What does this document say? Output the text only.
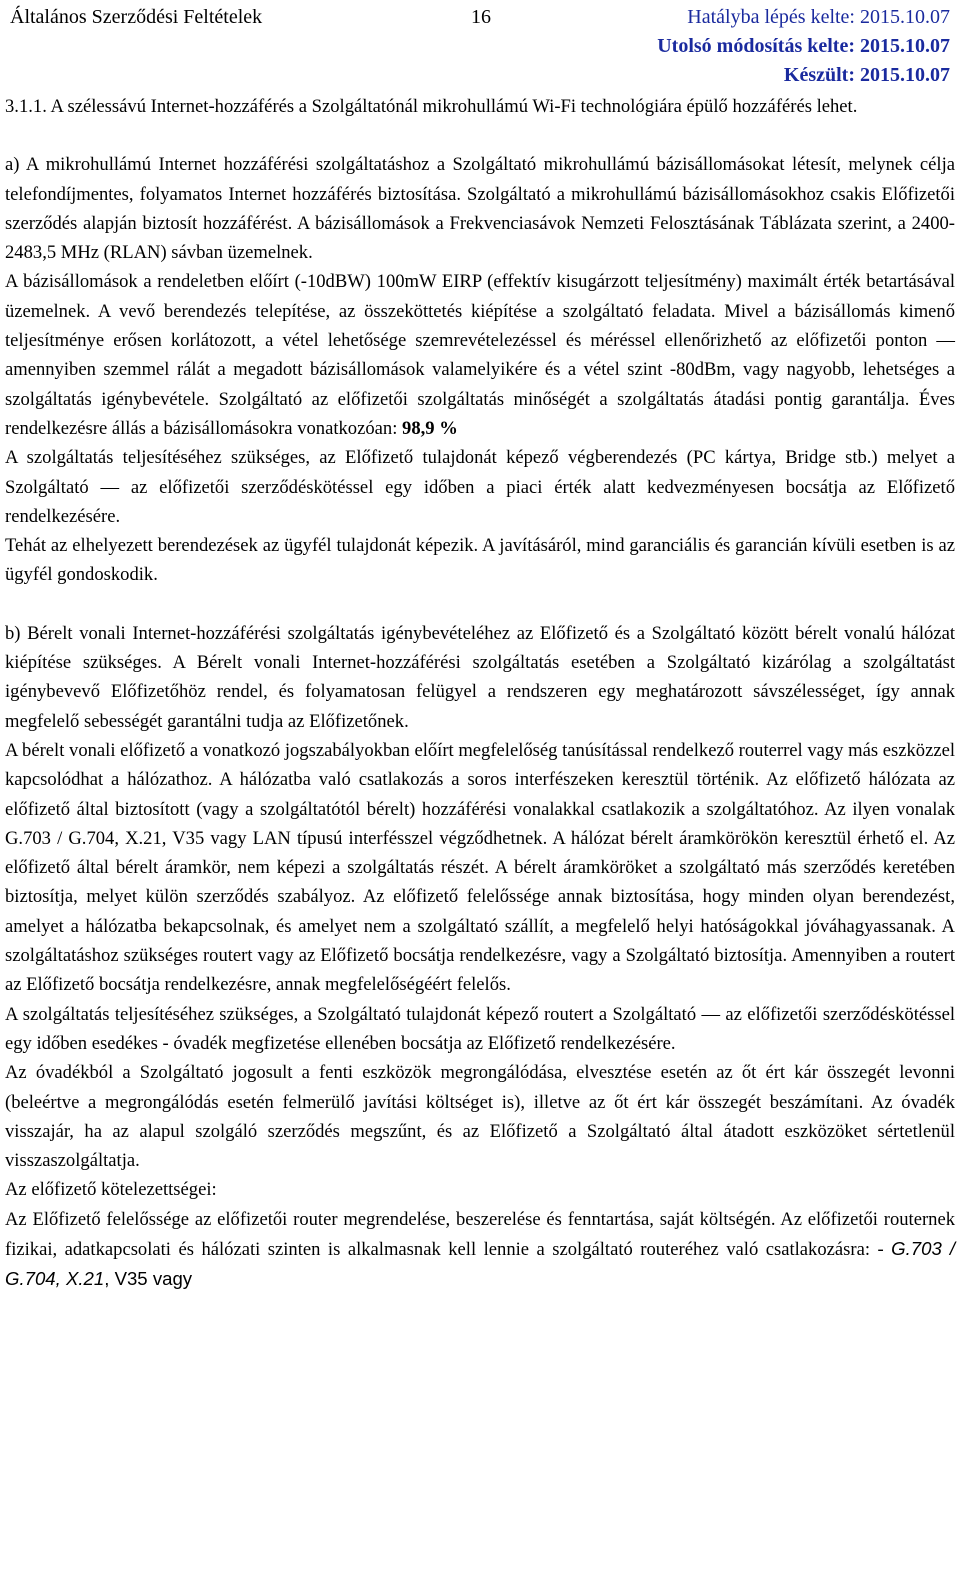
Általános Szerződési Feltételek	16	Hatályba lépés kelte: 2015.10.07
Utolsó módosítás kelte: 2015.10.07
Készült: 2015.10.07

3.1.1. A szélessávú Internet-hozzáférés a Szolgáltatónál mikrohullámú Wi-Fi technológiára épülő hozzáférés lehet.

a) A mikrohullámú Internet hozzáférési szolgáltatáshoz a Szolgáltató mikrohullámú bázisállomásokat létesít, melynek célja telefondíjmentes, folyamatos Internet hozzáférés biztosítása. Szolgáltató a mikrohullámú bázisállomásokhoz csakis Előfizetői szerződés alapján biztosít hozzáférést. A bázisállomások a Frekvenciasávok Nemzeti Felosztásának Táblázata szerint, a 2400-2483,5 MHz (RLAN) sávban üzemelnek.

A bázisállomások a rendeletben előírt (-10dBW) 100mW EIRP (effektív kisugárzott teljesítmény) maximált érték betartásával üzemelnek. A vevő berendezés telepítése, az összeköttetés kiépítése a szolgáltató feladata. Mivel a bázisállomás kimenő teljesítménye erősen korlátozott, a vétel lehetősége szemrevételezéssel és méréssel ellenőrizhető az előfizetői ponton — amennyiben szemmel rálát a megadott bázisállomások valamelyikére és a vétel szint -80dBm, vagy nagyobb, lehetséges a szolgáltatás igénybevétele. Szolgáltató az előfizetői szolgáltatás minőségét a szolgáltatás átadási pontig garantálja. Éves rendelkezésre állás a bázisállomásokra vonatkozóan: 98,9 %

A szolgáltatás teljesítéséhez szükséges, az Előfizető tulajdonát képező végberendezés (PC kártya, Bridge stb.) melyet a Szolgáltató — az előfizetői szerződéskötéssel egy időben a piaci érték alatt kedvezményesen bocsátja az Előfizető rendelkezésére.

Tehát az elhelyezett berendezések az ügyfél tulajdonát képezik. A javításáról, mind garanciális és garancián kívüli esetben is az ügyfél gondoskodik.

b) Bérelt vonali Internet-hozzáférési szolgáltatás igénybevételéhez az Előfizető és a Szolgáltató között bérelt vonalú hálózat kiépítése szükséges. A Bérelt vonali Internet-hozzáférési szolgáltatás esetében a Szolgáltató kizárólag a szolgáltatást igénybevevő Előfizetőhöz rendel, és folyamatosan felügyel a rendszeren egy meghatározott sávszélességet, így annak megfelelő sebességét garantálni tudja az Előfizetőnek.

A bérelt vonali előfizető a vonatkozó jogszabályokban előírt megfelelőség tanúsítással rendelkező routerrel vagy más eszközzel kapcsolódhat a hálózathoz. A hálózatba való csatlakozás a soros interfészeken keresztül történik. Az előfizető hálózata az előfizető által biztosított (vagy a szolgáltatótól bérelt) hozzáférési vonalakkal csatlakozik a szolgáltatóhoz. Az ilyen vonalak G.703 / G.704, X.21, V35 vagy LAN típusú interfésszel végződhetnek. A hálózat bérelt áramkörökön keresztül érhető el. Az előfizető által bérelt áramkör, nem képezi a szolgáltatás részét. A bérelt áramköröket a szolgáltató más szerződés keretében biztosítja, melyet külön szerződés szabályoz. Az előfizető felelőssége annak biztosítása, hogy minden olyan berendezést, amelyet a hálózatba bekapcsolnak, és amelyet nem a szolgáltató szállít, a megfelelő helyi hatóságokkal jóváhagyassanak. A szolgáltatáshoz szükséges routert vagy az Előfizető bocsátja rendelkezésre, vagy a Szolgáltató biztosítja. Amennyiben a routert az Előfizető bocsátja rendelkezésre, annak megfelelőségéért felelős.

A szolgáltatás teljesítéséhez szükséges, a Szolgáltató tulajdonát képező routert a Szolgáltató — az előfizetői szerződéskötéssel egy időben esedékes - óvadék megfizetése ellenében bocsátja az Előfizető rendelkezésére.

Az óvadékból a Szolgáltató jogosult a fenti eszközök megrongálódása, elvesztése esetén az őt ért kár összegét levonni (beleértve a megrongálódás esetén felmerülő javítási költséget is), illetve az őt ért kár összegét beszámítani. Az óvadék visszajár, ha az alapul szolgáló szerződés megszűnt, és az Előfizető a Szolgáltató által átadott eszközöket sértetlenül visszaszolgáltatja.

Az előfizető kötelezettségei:

Az Előfizető felelőssége az előfizetői router megrendelése, beszerelése és fenntartása, saját költségén. Az előfizetői routernek fizikai, adatkapcsolati és hálózati szinten is alkalmasnak kell lennie a szolgáltató routeréhez való csatlakozásra: - G.703 / G.704, X.21, V35 vagy
